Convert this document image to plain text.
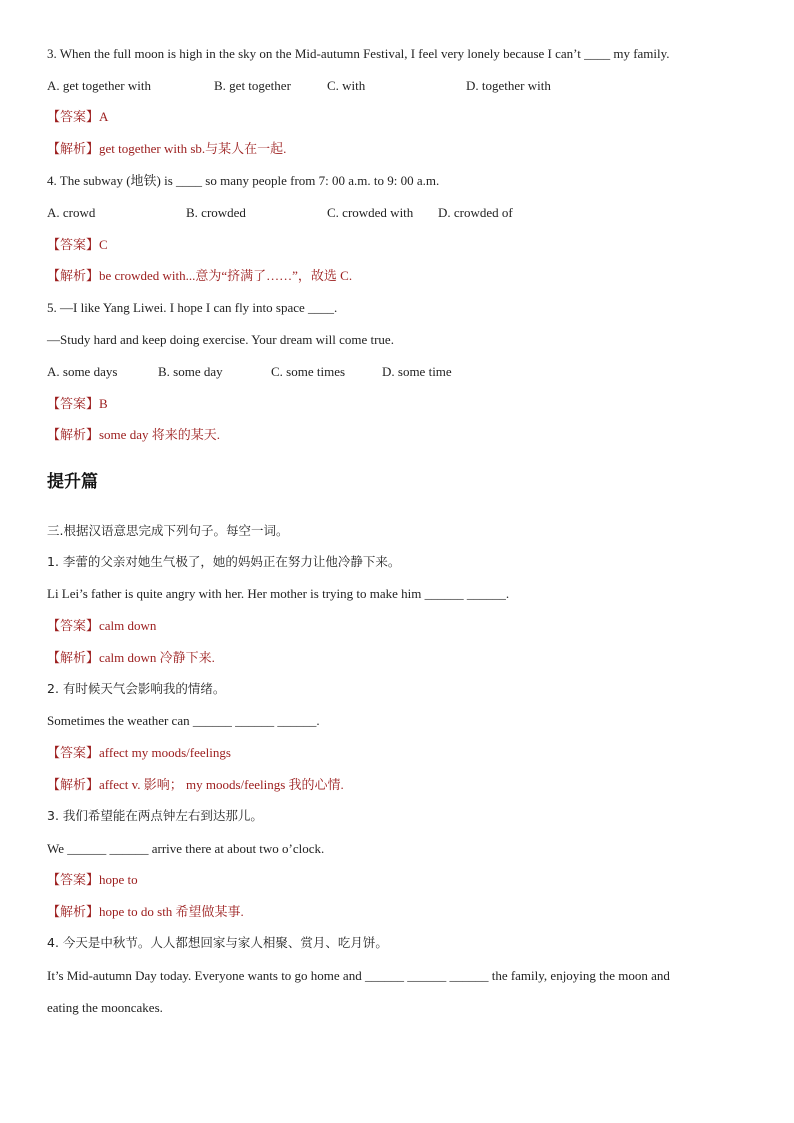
3. When the full moon is high in the sky on the Mid-autumn Festival, I feel very lonely because I can’t ____ my family.
A. get together with	B. get together	C. with	D. together with
【答案】A
【解析】get together with sb.与某人在一起.
4. The subway (地铁) is ____ so many people from 7: 00 a.m. to 9: 00 a.m.
A. crowd	B. crowded	C. crowded with D. crowded of
【答案】C
【解析】be crowded with...意为“挤满了……”，故选 C.
5. —I like Yang Liwei. I hope I can fly into space ____.
—Study hard and keep doing exercise. Your dream will come true.
A. some days	B. some day	C. some times	D. some time
【答案】B
【解析】some day 将来的某天.
提升篇
三.根据汉语意思完成下列句子。每空一词。
1. 李蕾的父亲对她生气极了，她的妈妈正在努力让他冷静下来。
Li Lei’s father is quite angry with her. Her mother is trying to make him ______ ______.
【答案】calm down
【解析】calm down 冷静下来.
2. 有时候天气会影响我的情绪。
Sometimes the weather can ______ ______ ______.
【答案】affect my moods/feelings
【解析】affect v. 影响； my moods/feelings 我的心情.
3. 我们希望能在两点钟左右到达那儿。
We ______ ______ arrive there at about two o’clock.
【答案】hope to
【解析】hope to do sth 希望做某事.
4. 今天是中秋节。人人都想回家与家人相聚、赏月、吃月饼。
It’s Mid-autumn Day today. Everyone wants to go home and ______ ______ ______ the family, enjoying the moon and
eating the mooncakes.
